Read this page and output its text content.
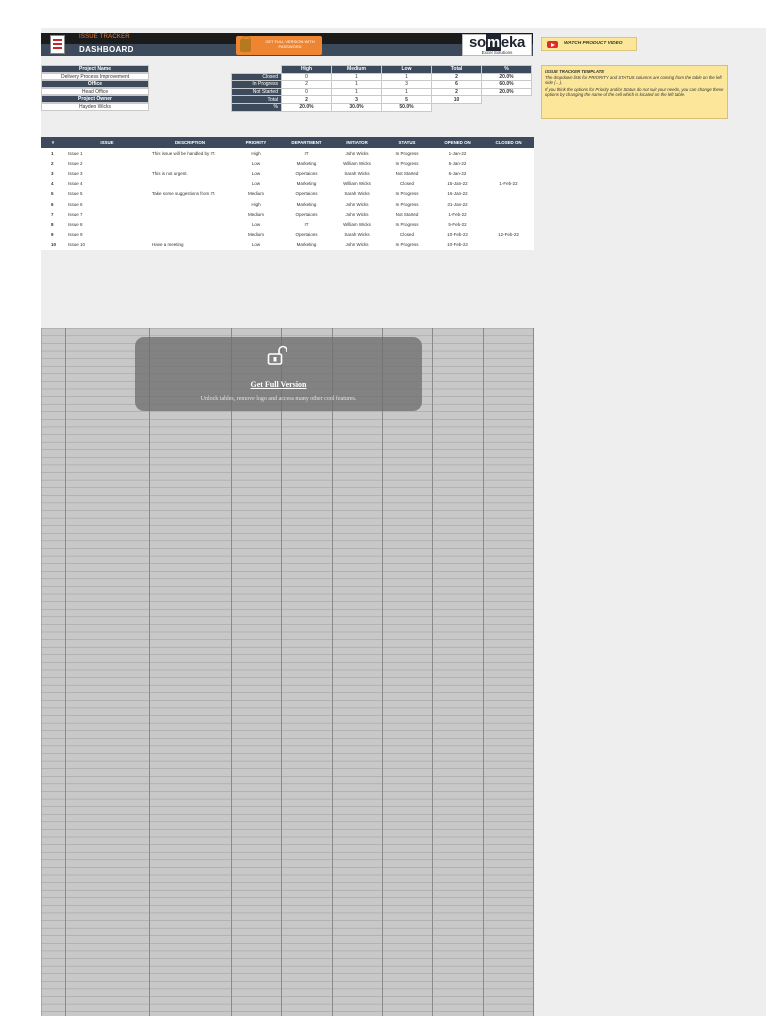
ISSUE TRACKER
DASHBOARD
GET FULL VERSION WITH PASSWORD	someka
Excel Solutions
WATCH PRODUCT VIDEO
ISSUE TRACKER TEMPLATE

The dropdown lists for PRIORITY and STATUS columns are coming from the table on the left side (←).

If you think the options for Priority and/or Status do not suit your needs, you can change these options by changing the name of the cell which is located on the left table.

Project Name
Delivery Process Improvement
Office
Head Office
Project Owner
Hayden Wicks
	High	Medium	Low	Total	%
Closed	0	1	1	2	20.0%
In Progress	2	1	3	6	60.0%
Not Started	0	1	1	2	20.0%
Total	2	3	5	10	
%	20.0%	30.0%	50.0%		
#	ISSUE	DESCRIPTION	PRIORITY	DEPARTMENT	INITIATOR	STATUS	OPENED ON	CLOSED ON
1	Issue 1	This issue will be handled by IT.	High	IT	John Wicks	In Progress	1-Jan-22	
2	Issue 2		Low	Marketing	William Wicks	In Progress	5-Jan-22	
3	Issue 3	This is not urgent.	Low	Opertaions	Sarah Wicks	Not Started	6-Jan-22	
4	Issue 4		Low	Marketing	William Wicks	Closed	15-Jan-22	1-Feb-22
5	Issue 5	Take some suggestions from IT.	Medium	Opertaions	Sarah Wicks	In Progress	16-Jan-22	
6	Issue 6		High	Marketing	John Wicks	In Progress	31-Jan-22	
7	Issue 7		Medium	Opertaions	John Wicks	Not Started	1-Feb-22	
8	Issue 8		Low	IT	William Wicks	In Progress	5-Feb-22	
9	Issue 9		Medium	Opertaions	Sarah Wicks	Closed	10-Feb-22	12-Feb-22
10	Issue 10	Have a meeting	Low	Marketing	John Wicks	In Progress	10-Feb-22	
Get Full Version
Unlock tables, remove logo and access many other cool features.
